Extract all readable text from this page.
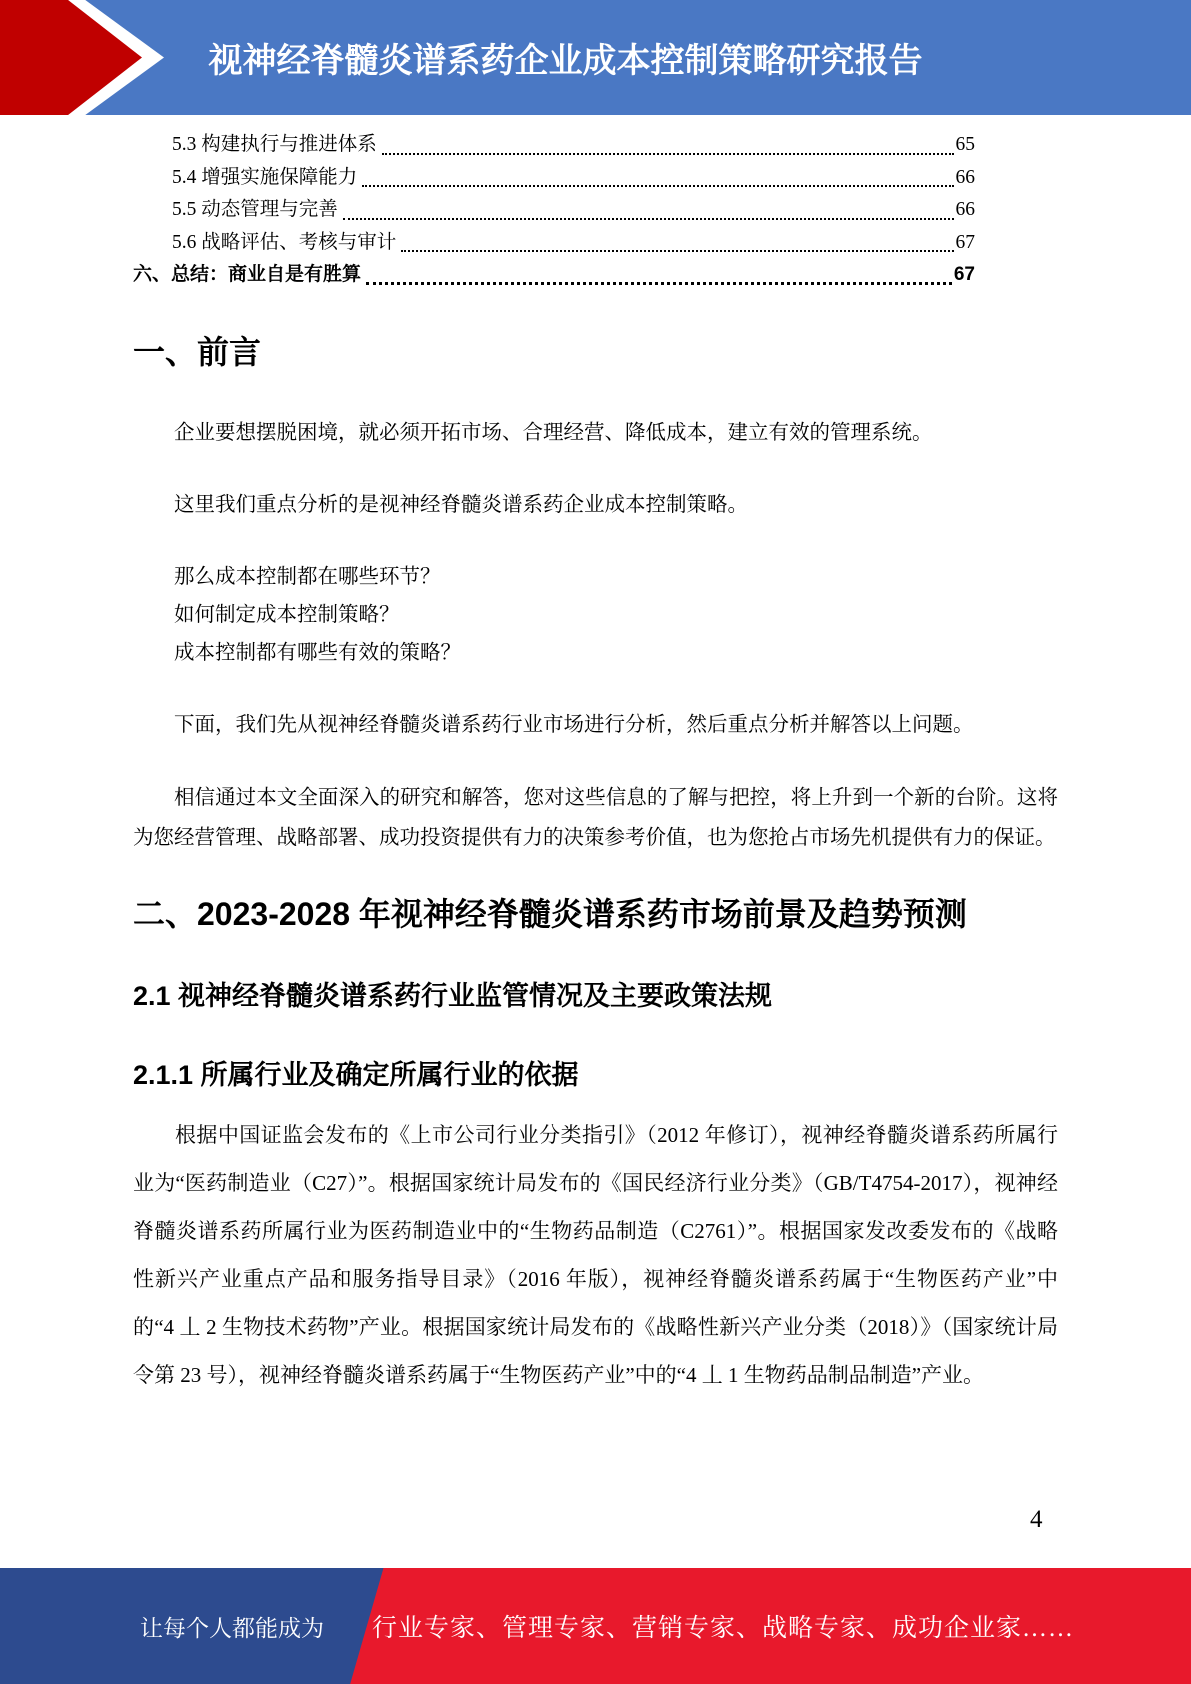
视神经脊髓炎谱系药企业成本控制策略研究报告
5.3 构建执行与推进体系	65
5.4 增强实施保障能力	66
5.5 动态管理与完善	66
5.6 战略评估、考核与审计	67
六、总结：商业自是有胜算	67
一、前言

企业要想摆脱困境，就必须开拓市场、合理经营、降低成本，建立有效的管理系统。

这里我们重点分析的是视神经脊髓炎谱系药企业成本控制策略。

那么成本控制都在哪些环节？

如何制定成本控制策略？

成本控制都有哪些有效的策略？

下面，我们先从视神经脊髓炎谱系药行业市场进行分析，然后重点分析并解答以上问题。

相信通过本文全面深入的研究和解答，您对这些信息的了解与把控，将上升到一个新的台阶。这将为您经营管理、战略部署、成功投资提供有力的决策参考价值，也为您抢占市场先机提供有力的保证。

二、2023-2028 年视神经脊髓炎谱系药市场前景及趋势预测
2.1 视神经脊髓炎谱系药行业监管情况及主要政策法规
2.1.1 所属行业及确定所属行业的依据

根据中国证监会发布的《上市公司行业分类指引》（2012 年修订），视神经脊髓炎谱系药所属行业为“医药制造业（C27）”。根据国家统计局发布的《国民经济行业分类》（GB/T4754-2017），视神经脊髓炎谱系药所属行业为医药制造业中的“生物药品制造（C2761）”。根据国家发改委发布的《战略性新兴产业重点产品和服务指导目录》（2016 年版），视神经脊髓炎谱系药属于“生物医药产业”中的“4 丄 2 生物技术药物”产业。根据国家统计局发布的《战略性新兴产业分类（2018）》（国家统计局令第 23 号），视神经脊髓炎谱系药属于“生物医药产业”中的“4 丄 1 生物药品制品制造”产业。

4
让每个人都能成为 行业专家、管理专家、营销专家、战略专家、成功企业家……
